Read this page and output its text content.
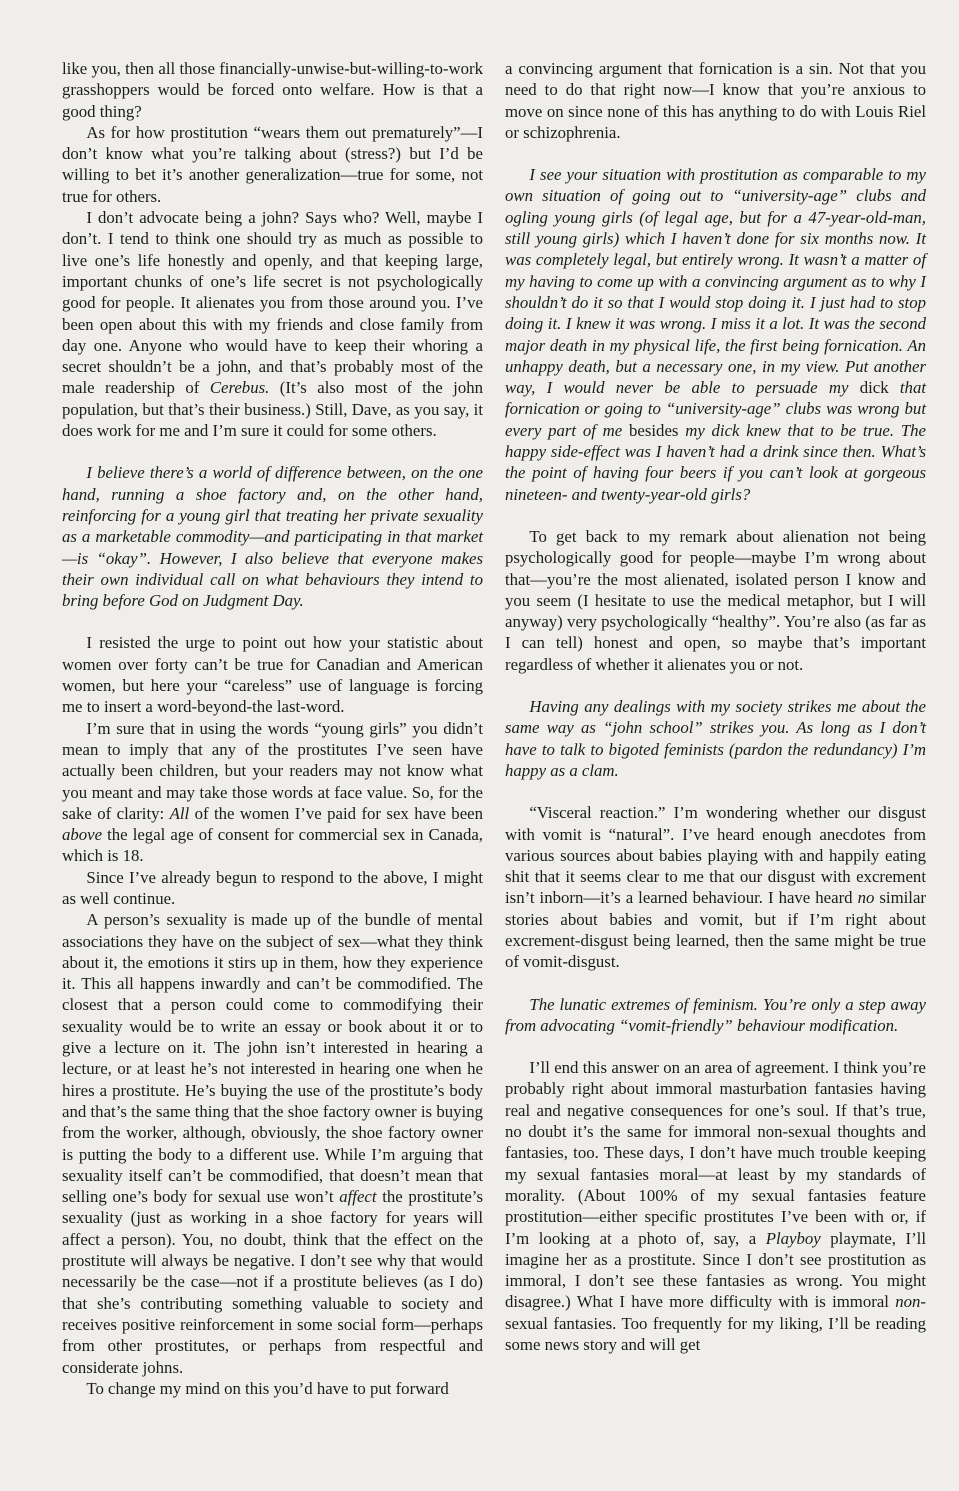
like you, then all those financially-unwise-but-willing-to-work grasshoppers would be forced onto welfare. How is that a good thing?

As for how prostitution “wears them out prematurely”—I don’t know what you’re talking about (stress?) but I’d be willing to bet it’s another generalization—true for some, not true for others.

I don’t advocate being a john? Says who? Well, maybe I don’t. I tend to think one should try as much as possible to live one’s life honestly and openly, and that keeping large, important chunks of one’s life secret is not psychologically good for people. It alienates you from those around you. I’ve been open about this with my friends and close family from day one. Anyone who would have to keep their whoring a secret shouldn’t be a john, and that’s probably most of the male readership of Cerebus. (It’s also most of the john population, but that’s their business.) Still, Dave, as you say, it does work for me and I’m sure it could for some others.

I believe there’s a world of difference between, on the one hand, running a shoe factory and, on the other hand, reinforcing for a young girl that treating her private sexuality as a marketable commodity—and participating in that market—is “okay”. However, I also believe that everyone makes their own individual call on what behaviours they intend to bring before God on Judgment Day.

I resisted the urge to point out how your statistic about women over forty can’t be true for Canadian and American women, but here your “careless” use of language is forcing me to insert a word-beyond-the last-word.

I’m sure that in using the words “young girls” you didn’t mean to imply that any of the prostitutes I’ve seen have actually been children, but your readers may not know what you meant and may take those words at face value. So, for the sake of clarity: All of the women I’ve paid for sex have been above the legal age of consent for commercial sex in Canada, which is 18.

Since I’ve already begun to respond to the above, I might as well continue.

A person’s sexuality is made up of the bundle of mental associations they have on the subject of sex—what they think about it, the emotions it stirs up in them, how they experience it. This all happens inwardly and can’t be commodified. The closest that a person could come to commodifying their sexuality would be to write an essay or book about it or to give a lecture on it. The john isn’t interested in hearing a lecture, or at least he’s not interested in hearing one when he hires a prostitute. He’s buying the use of the prostitute’s body and that’s the same thing that the shoe factory owner is buying from the worker, although, obviously, the shoe factory owner is putting the body to a different use. While I’m arguing that sexuality itself can’t be commodified, that doesn’t mean that selling one’s body for sexual use won’t affect the prostitute’s sexuality (just as working in a shoe factory for years will affect a person). You, no doubt, think that the effect on the prostitute will always be negative. I don’t see why that would necessarily be the case—not if a prostitute believes (as I do) that she’s contributing something valuable to society and receives positive reinforcement in some social form—perhaps from other prostitutes, or perhaps from respectful and considerate johns.

To change my mind on this you’d have to put forward

a convincing argument that fornication is a sin. Not that you need to do that right now—I know that you’re anxious to move on since none of this has anything to do with Louis Riel or schizophrenia.

I see your situation with prostitution as comparable to my own situation of going out to “university-age” clubs and ogling young girls (of legal age, but for a 47-year-old-man, still young girls) which I haven’t done for six months now. It was completely legal, but entirely wrong. It wasn’t a matter of my having to come up with a convincing argument as to why I shouldn’t do it so that I would stop doing it. I just had to stop doing it. I knew it was wrong. I miss it a lot. It was the second major death in my physical life, the first being fornication. An unhappy death, but a necessary one, in my view. Put another way, I would never be able to persuade my dick that fornication or going to “university-age” clubs was wrong but every part of me besides my dick knew that to be true. The happy side-effect was I haven’t had a drink since then. What’s the point of having four beers if you can’t look at gorgeous nineteen- and twenty-year-old girls?

To get back to my remark about alienation not being psychologically good for people—maybe I’m wrong about that—you’re the most alienated, isolated person I know and you seem (I hesitate to use the medical metaphor, but I will anyway) very psychologically “healthy”. You’re also (as far as I can tell) honest and open, so maybe that’s important regardless of whether it alienates you or not.

Having any dealings with my society strikes me about the same way as “john school” strikes you. As long as I don’t have to talk to bigoted feminists (pardon the redundancy) I’m happy as a clam.

“Visceral reaction.” I’m wondering whether our disgust with vomit is “natural”. I’ve heard enough anecdotes from various sources about babies playing with and happily eating shit that it seems clear to me that our disgust with excrement isn’t inborn—it’s a learned behaviour. I have heard no similar stories about babies and vomit, but if I’m right about excrement-disgust being learned, then the same might be true of vomit-disgust.

The lunatic extremes of feminism. You’re only a step away from advocating “vomit-friendly” behaviour modification.

I’ll end this answer on an area of agreement. I think you’re probably right about immoral masturbation fantasies having real and negative consequences for one’s soul. If that’s true, no doubt it’s the same for immoral non-sexual thoughts and fantasies, too. These days, I don’t have much trouble keeping my sexual fantasies moral—at least by my standards of morality. (About 100% of my sexual fantasies feature prostitution—either specific prostitutes I’ve been with or, if I’m looking at a photo of, say, a Playboy playmate, I’ll imagine her as a prostitute. Since I don’t see prostitution as immoral, I don’t see these fantasies as wrong. You might disagree.) What I have more difficulty with is immoral non-sexual fantasies. Too frequently for my liking, I’ll be reading some news story and will get
